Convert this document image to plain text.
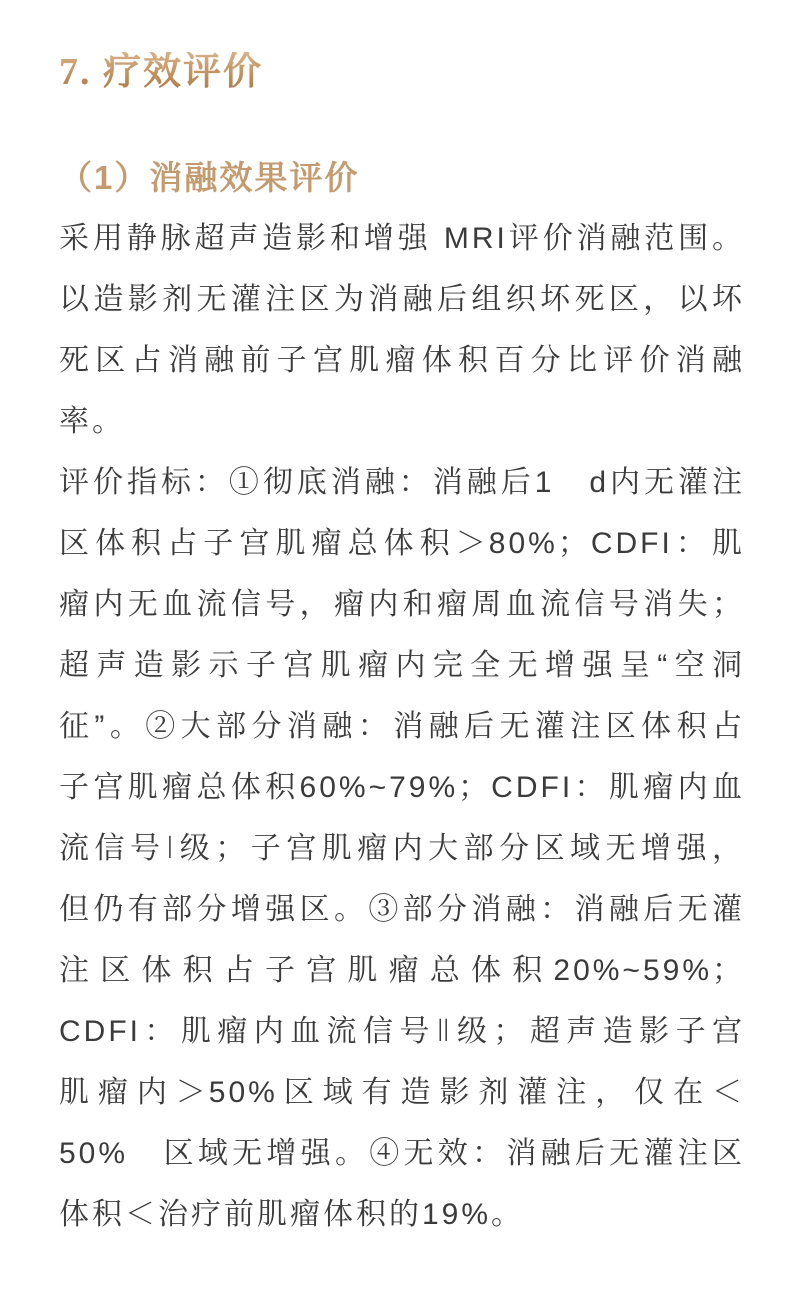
7. 疗效评价
（1）消融效果评价
采用静脉超声造影和增强 MRI评价消融范围。
以造影剂无灌注区为消融后组织坏死区，以坏
死区占消融前子宫肌瘤体积百分比评价消融
率。
评价指标：①彻底消融：消融后1　d内无灌注
区体积占子宫肌瘤总体积＞80%；CDFI：肌
瘤内无血流信号，瘤内和瘤周血流信号消失；
超声造影示子宫肌瘤内完全无增强呈“空洞
征”。②大部分消融：消融后无灌注区体积占
子宫肌瘤总体积60%~79%；CDFI：肌瘤内血
流信号Ⅰ级；子宫肌瘤内大部分区域无增强，
但仍有部分增强区。③部分消融：消融后无灌
注区体积占子宫肌瘤总体积20%~59%；
CDFI：肌瘤内血流信号Ⅱ级；超声造影子宫
肌瘤内＞50%区域有造影剂灌注，仅在＜
50%　区域无增强。④无效：消融后无灌注区
体积＜治疗前肌瘤体积的19%。
